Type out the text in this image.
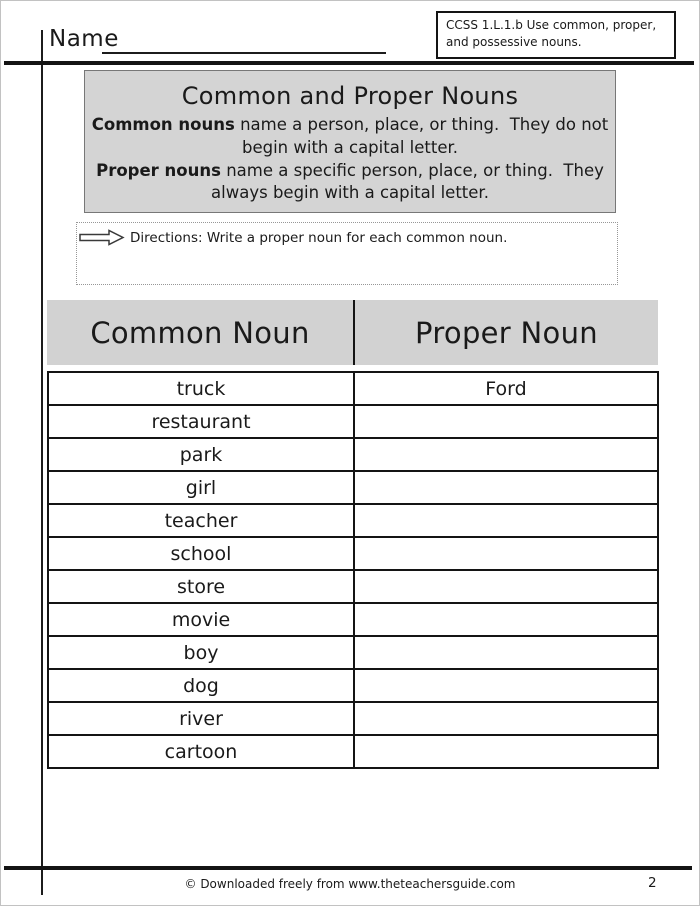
Name
CCSS 1.L.1.b Use common, proper, and possessive nouns.
Common and Proper Nouns
Common nouns name a person, place, or thing.  They do not
begin with a capital letter.
Proper nouns name a specific person, place, or thing.  They
always begin with a capital letter.
Directions: Write a proper noun for each common noun.
Common Noun	Proper Noun
truck	Ford
restaurant	
park	
girl	
teacher	
school	
store	
movie	
boy	
dog	
river	
cartoon	
© Downloaded freely from www.theteachersguide.com	2
